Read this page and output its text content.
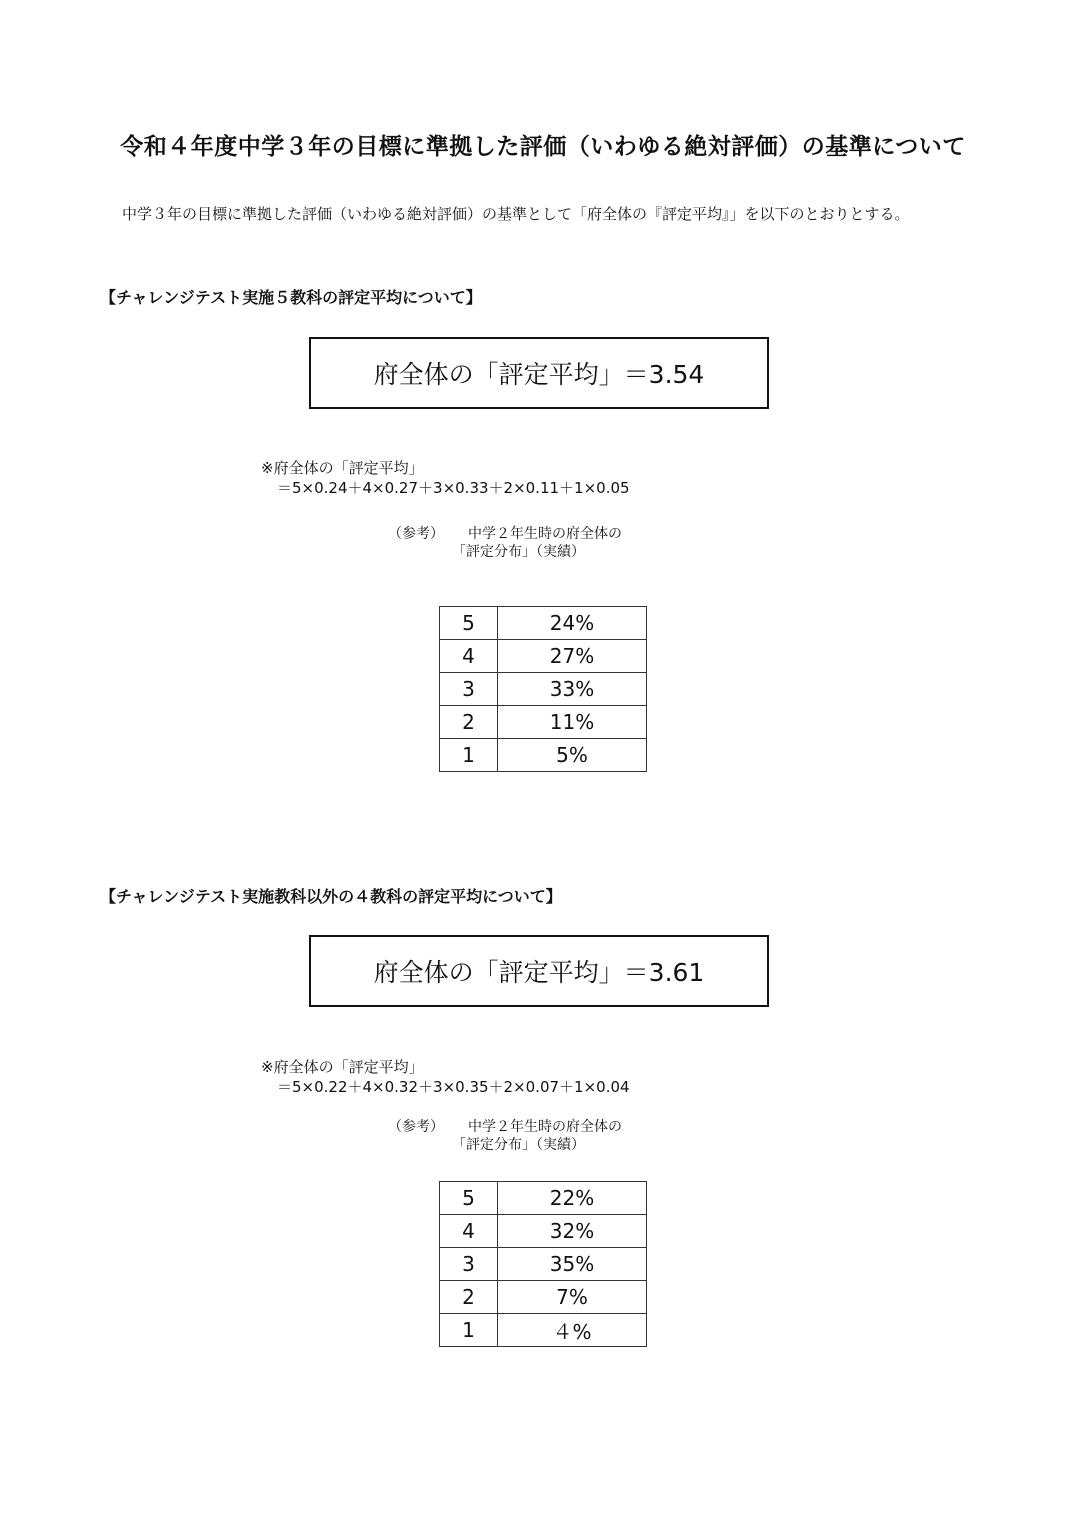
令和４年度中学３年の目標に準拠した評価（いわゆる絶対評価）の基準について
中学３年の目標に準拠した評価（いわゆる絶対評価）の基準として「府全体の『評定平均』」を以下のとおりとする。
【チャレンジテスト実施５教科の評定平均について】
府全体の「評定平均」＝3.54
※府全体の「評定平均」
＝5×0.24＋4×0.27＋3×0.33＋2×0.11＋1×0.05
（参考） 中学２年生時の府全体の
「評定分布」（実績）
5	24%
4	27%
3	33%
2	11%
1	5%
【チャレンジテスト実施教科以外の４教科の評定平均について】
府全体の「評定平均」＝3.61
※府全体の「評定平均」
＝5×0.22＋4×0.32＋3×0.35＋2×0.07＋1×0.04
（参考） 中学２年生時の府全体の
「評定分布」（実績）
5	22%
4	32%
3	35%
2	7%
1	４%
